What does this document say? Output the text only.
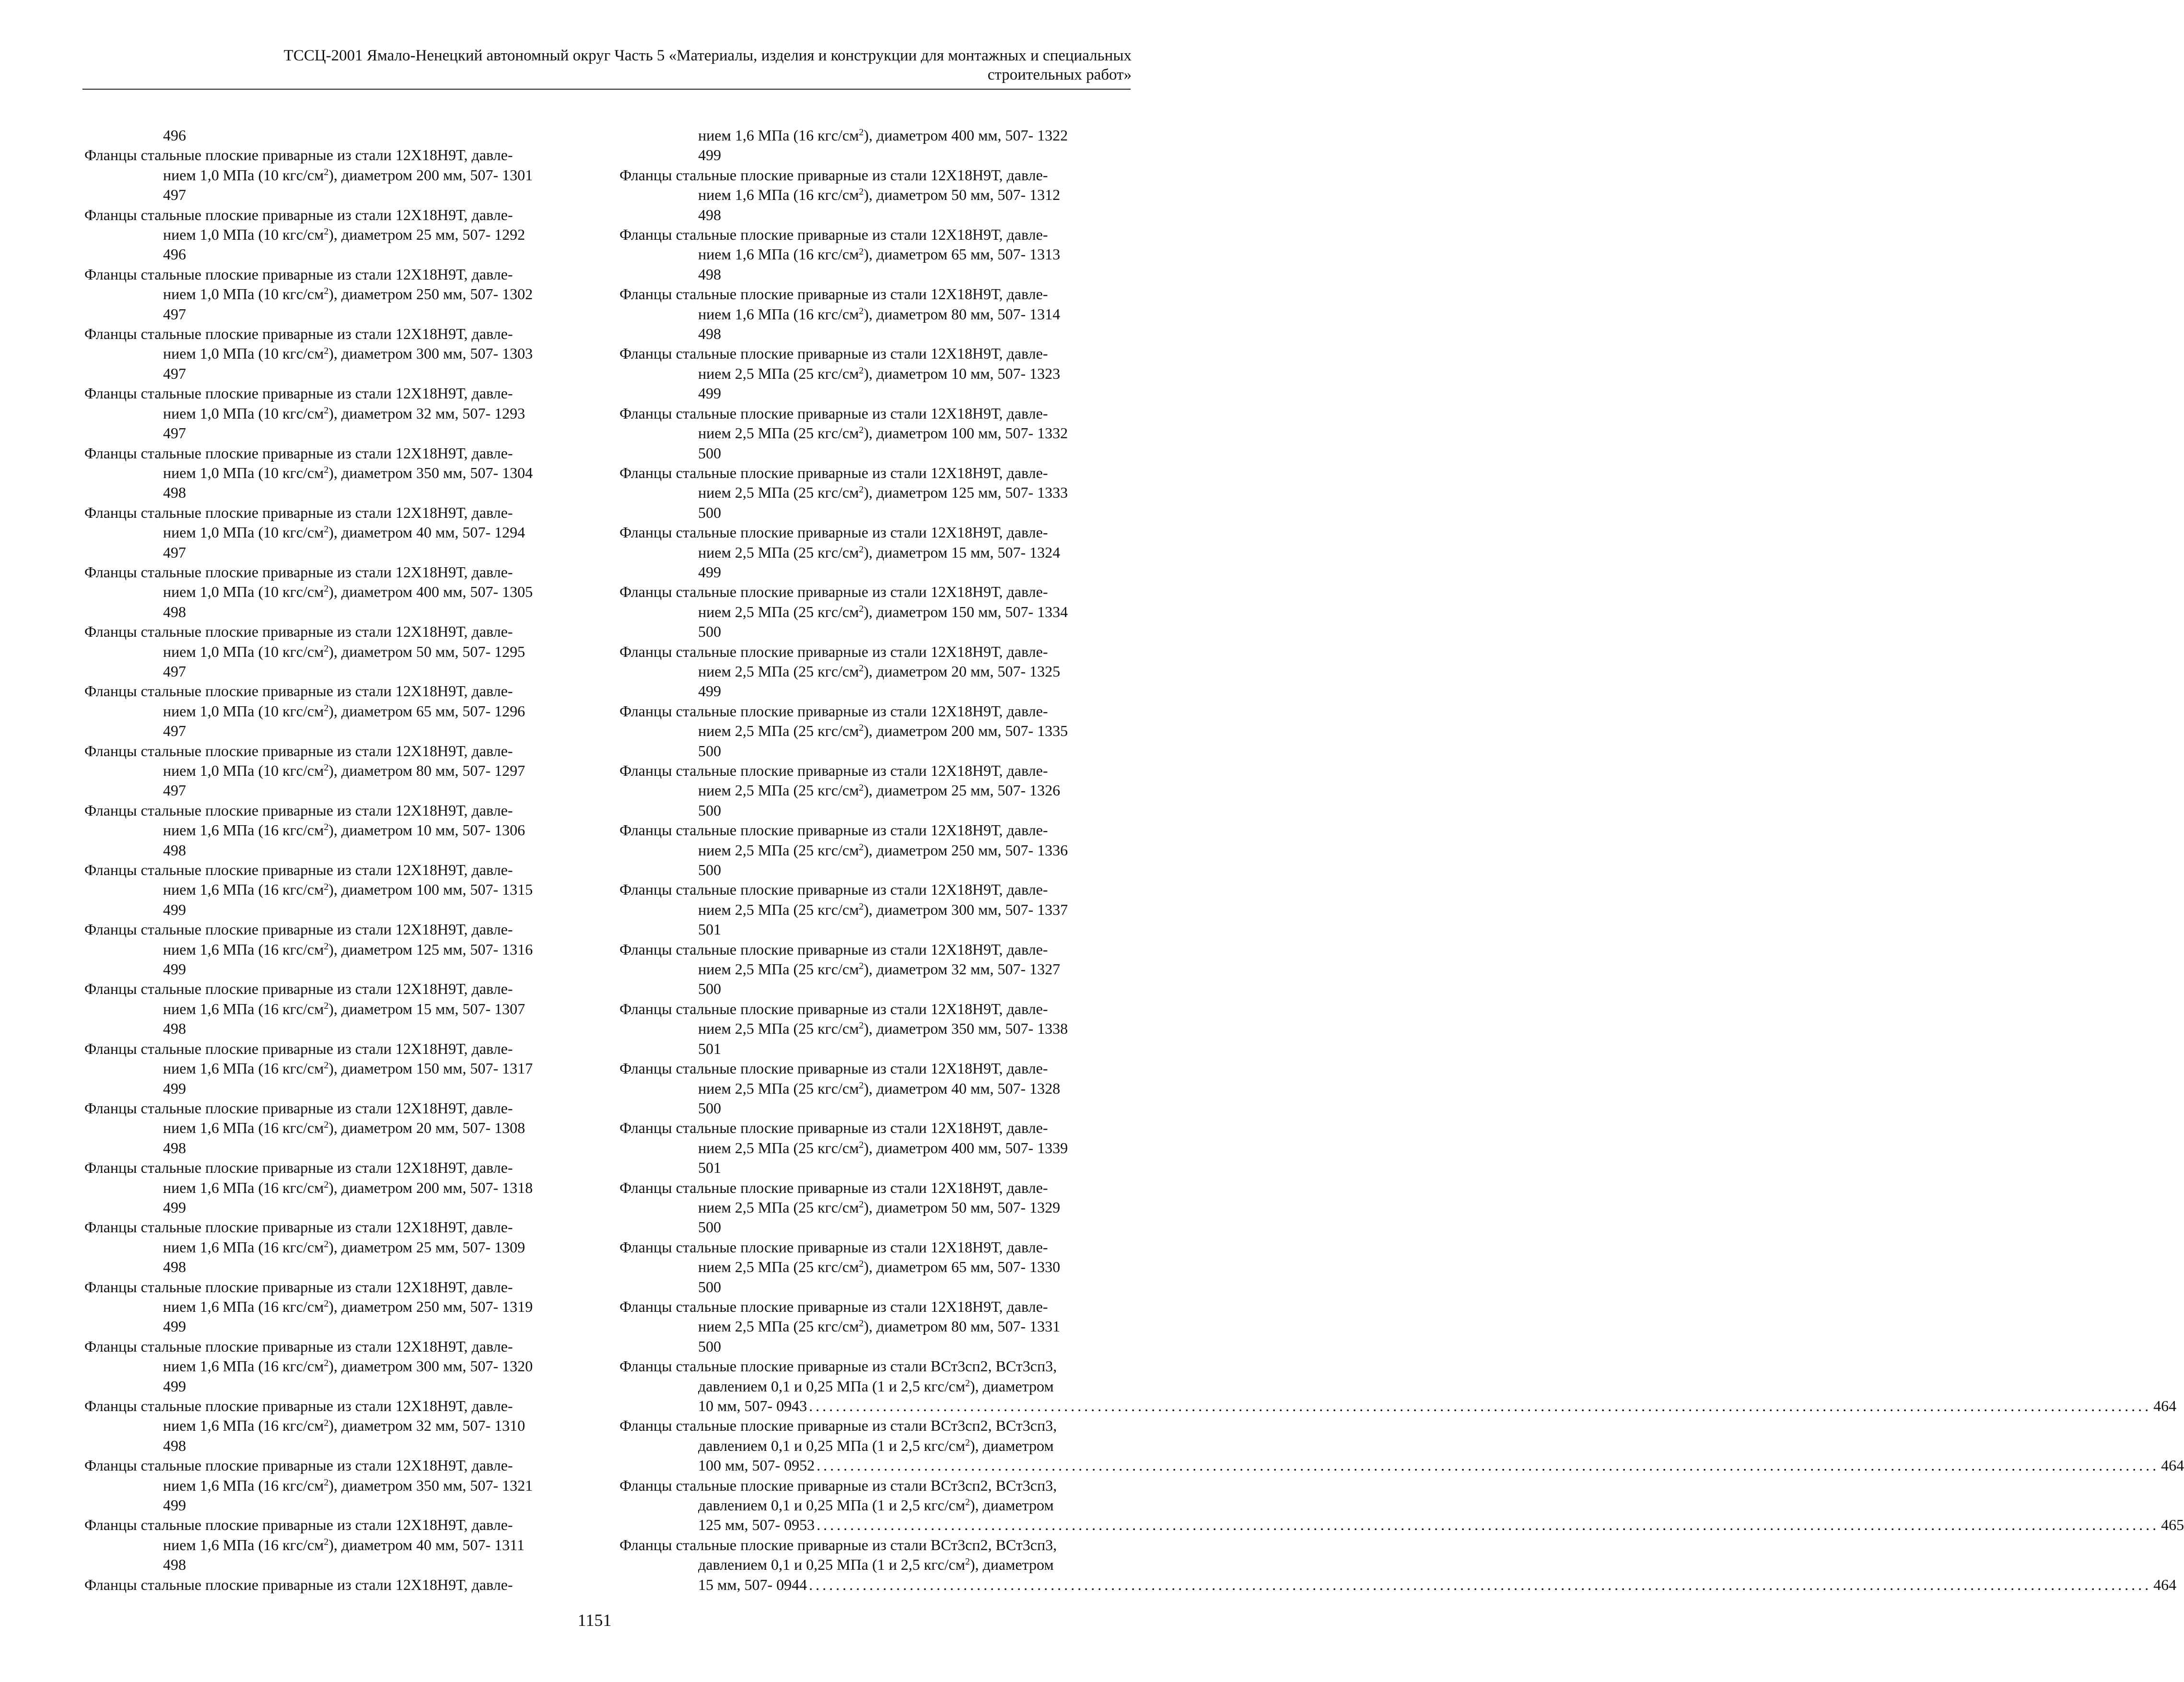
ТССЦ-2001 Ямало-Ненецкий автономный округ Часть 5 «Материалы, изделия и конструкции для монтажных и специальных
строительных работ»
496
Фланцы стальные плоские приварные из стали 12Х18Н9Т, давле-
нием 1,0 МПа (10 кгс/$см^2$), диаметром 200 мм, 507- 1301
497
Фланцы стальные плоские приварные из стали 12Х18Н9Т, давле-
нием 1,0 МПа (10 кгс/$см^2$), диаметром 25 мм, 507- 1292
496
Фланцы стальные плоские приварные из стали 12Х18Н9Т, давле-
нием 1,0 МПа (10 кгс/$см^2$), диаметром 250 мм, 507- 1302
497
Фланцы стальные плоские приварные из стали 12Х18Н9Т, давле-
нием 1,0 МПа (10 кгс/$см^2$), диаметром 300 мм, 507- 1303
497
Фланцы стальные плоские приварные из стали 12Х18Н9Т, давле-
нием 1,0 МПа (10 кгс/$см^2$), диаметром 32 мм, 507- 1293
497
Фланцы стальные плоские приварные из стали 12Х18Н9Т, давле-
нием 1,0 МПа (10 кгс/$см^2$), диаметром 350 мм, 507- 1304
498
Фланцы стальные плоские приварные из стали 12Х18Н9Т, давле-
нием 1,0 МПа (10 кгс/$см^2$), диаметром 40 мм, 507- 1294
497
Фланцы стальные плоские приварные из стали 12Х18Н9Т, давле-
нием 1,0 МПа (10 кгс/$см^2$), диаметром 400 мм, 507- 1305
498
Фланцы стальные плоские приварные из стали 12Х18Н9Т, давле-
нием 1,0 МПа (10 кгс/$см^2$), диаметром 50 мм, 507- 1295
497
Фланцы стальные плоские приварные из стали 12Х18Н9Т, давле-
нием 1,0 МПа (10 кгс/$см^2$), диаметром 65 мм, 507- 1296
497
Фланцы стальные плоские приварные из стали 12Х18Н9Т, давле-
нием 1,0 МПа (10 кгс/$см^2$), диаметром 80 мм, 507- 1297
497
Фланцы стальные плоские приварные из стали 12Х18Н9Т, давле-
нием 1,6 МПа (16 кгс/$см^2$), диаметром 10 мм, 507- 1306
498
Фланцы стальные плоские приварные из стали 12Х18Н9Т, давле-
нием 1,6 МПа (16 кгс/$см^2$), диаметром 100 мм, 507- 1315
499
Фланцы стальные плоские приварные из стали 12Х18Н9Т, давле-
нием 1,6 МПа (16 кгс/$см^2$), диаметром 125 мм, 507- 1316
499
Фланцы стальные плоские приварные из стали 12Х18Н9Т, давле-
нием 1,6 МПа (16 кгс/$см^2$), диаметром 15 мм, 507- 1307
498
Фланцы стальные плоские приварные из стали 12Х18Н9Т, давле-
нием 1,6 МПа (16 кгс/$см^2$), диаметром 150 мм, 507- 1317
499
Фланцы стальные плоские приварные из стали 12Х18Н9Т, давле-
нием 1,6 МПа (16 кгс/$см^2$), диаметром 20 мм, 507- 1308
498
Фланцы стальные плоские приварные из стали 12Х18Н9Т, давле-
нием 1,6 МПа (16 кгс/$см^2$), диаметром 200 мм, 507- 1318
499
Фланцы стальные плоские приварные из стали 12Х18Н9Т, давле-
нием 1,6 МПа (16 кгс/$см^2$), диаметром 25 мм, 507- 1309
498
Фланцы стальные плоские приварные из стали 12Х18Н9Т, давле-
нием 1,6 МПа (16 кгс/$см^2$), диаметром 250 мм, 507- 1319
499
Фланцы стальные плоские приварные из стали 12Х18Н9Т, давле-
нием 1,6 МПа (16 кгс/$см^2$), диаметром 300 мм, 507- 1320
499
Фланцы стальные плоские приварные из стали 12Х18Н9Т, давле-
нием 1,6 МПа (16 кгс/$см^2$), диаметром 32 мм, 507- 1310
498
Фланцы стальные плоские приварные из стали 12Х18Н9Т, давле-
нием 1,6 МПа (16 кгс/$см^2$), диаметром 350 мм, 507- 1321
499
Фланцы стальные плоские приварные из стали 12Х18Н9Т, давле-
нием 1,6 МПа (16 кгс/$см^2$), диаметром 40 мм, 507- 1311
498
Фланцы стальные плоские приварные из стали 12Х18Н9Т, давле-
нием 1,6 МПа (16 кгс/$см^2$), диаметром 400 мм, 507- 1322
499
Фланцы стальные плоские приварные из стали 12Х18Н9Т, давле-
нием 1,6 МПа (16 кгс/$см^2$), диаметром 50 мм, 507- 1312
498
Фланцы стальные плоские приварные из стали 12Х18Н9Т, давле-
нием 1,6 МПа (16 кгс/$см^2$), диаметром 65 мм, 507- 1313
498
Фланцы стальные плоские приварные из стали 12Х18Н9Т, давле-
нием 1,6 МПа (16 кгс/$см^2$), диаметром 80 мм, 507- 1314
498
Фланцы стальные плоские приварные из стали 12Х18Н9Т, давле-
нием 2,5 МПа (25 кгс/$см^2$), диаметром 10 мм, 507- 1323
499
Фланцы стальные плоские приварные из стали 12Х18Н9Т, давле-
нием 2,5 МПа (25 кгс/$см^2$), диаметром 100 мм, 507- 1332
500
Фланцы стальные плоские приварные из стали 12Х18Н9Т, давле-
нием 2,5 МПа (25 кгс/$см^2$), диаметром 125 мм, 507- 1333
500
Фланцы стальные плоские приварные из стали 12Х18Н9Т, давле-
нием 2,5 МПа (25 кгс/$см^2$), диаметром 15 мм, 507- 1324
499
Фланцы стальные плоские приварные из стали 12Х18Н9Т, давле-
нием 2,5 МПа (25 кгс/$см^2$), диаметром 150 мм, 507- 1334
500
Фланцы стальные плоские приварные из стали 12Х18Н9Т, давле-
нием 2,5 МПа (25 кгс/$см^2$), диаметром 20 мм, 507- 1325
499
Фланцы стальные плоские приварные из стали 12Х18Н9Т, давле-
нием 2,5 МПа (25 кгс/$см^2$), диаметром 200 мм, 507- 1335
500
Фланцы стальные плоские приварные из стали 12Х18Н9Т, давле-
нием 2,5 МПа (25 кгс/$см^2$), диаметром 25 мм, 507- 1326
500
Фланцы стальные плоские приварные из стали 12Х18Н9Т, давле-
нием 2,5 МПа (25 кгс/$см^2$), диаметром 250 мм, 507- 1336
500
Фланцы стальные плоские приварные из стали 12Х18Н9Т, давле-
нием 2,5 МПа (25 кгс/$см^2$), диаметром 300 мм, 507- 1337
501
Фланцы стальные плоские приварные из стали 12Х18Н9Т, давле-
нием 2,5 МПа (25 кгс/$см^2$), диаметром 32 мм, 507- 1327
500
Фланцы стальные плоские приварные из стали 12Х18Н9Т, давле-
нием 2,5 МПа (25 кгс/$см^2$), диаметром 350 мм, 507- 1338
501
Фланцы стальные плоские приварные из стали 12Х18Н9Т, давле-
нием 2,5 МПа (25 кгс/$см^2$), диаметром 40 мм, 507- 1328
500
Фланцы стальные плоские приварные из стали 12Х18Н9Т, давле-
нием 2,5 МПа (25 кгс/$см^2$), диаметром 400 мм, 507- 1339
501
Фланцы стальные плоские приварные из стали 12Х18Н9Т, давле-
нием 2,5 МПа (25 кгс/$см^2$), диаметром 50 мм, 507- 1329
500
Фланцы стальные плоские приварные из стали 12Х18Н9Т, давле-
нием 2,5 МПа (25 кгс/$см^2$), диаметром 65 мм, 507- 1330
500
Фланцы стальные плоские приварные из стали 12Х18Н9Т, давле-
нием 2,5 МПа (25 кгс/$см^2$), диаметром 80 мм, 507- 1331
500
Фланцы стальные плоские приварные из стали ВСт3сп2, ВСт3сп3,
давлением 0,1 и 0,25 МПа (1 и 2,5 кгс/$см^2$), диаметром
10 мм, 507- 0943 ........................................................................................................................................................................................................ 464
Фланцы стальные плоские приварные из стали ВСт3сп2, ВСт3сп3,
давлением 0,1 и 0,25 МПа (1 и 2,5 кгс/$см^2$), диаметром
100 мм, 507- 0952 ........................................................................................................................................................................................................ 464
Фланцы стальные плоские приварные из стали ВСт3сп2, ВСт3сп3,
давлением 0,1 и 0,25 МПа (1 и 2,5 кгс/$см^2$), диаметром
125 мм, 507- 0953 ........................................................................................................................................................................................................ 465
Фланцы стальные плоские приварные из стали ВСт3сп2, ВСт3сп3,
давлением 0,1 и 0,25 МПа (1 и 2,5 кгс/$см^2$), диаметром
15 мм, 507- 0944 ........................................................................................................................................................................................................ 464
1151
